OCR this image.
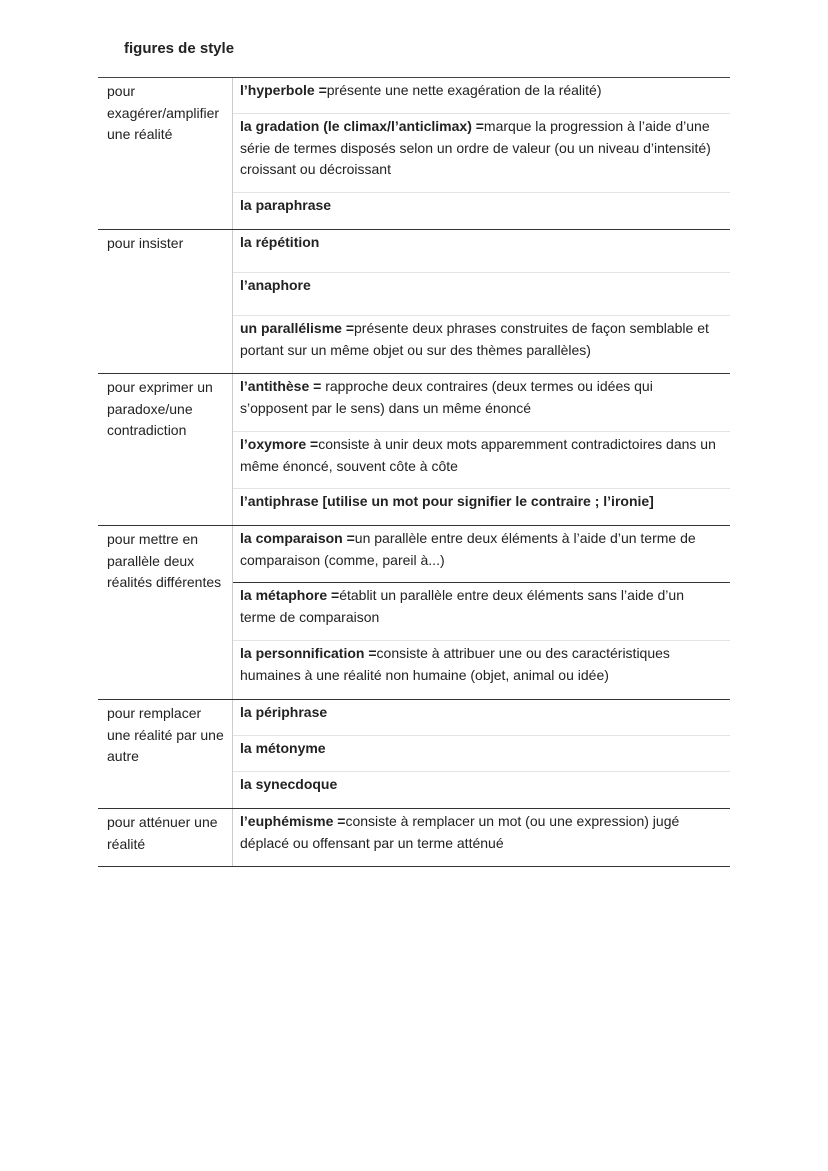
figures de style
pour exagérer/amplifier une réalité
l’hyperbole =présente une nette exagération de la réalité)
la gradation (le climax/l’anticlimax) =marque la progression à l’aide d’une série de termes disposés selon un ordre de valeur (ou un niveau d’intensité) croissant ou décroissant
la paraphrase
pour insister	la répétition
l’anaphore
un parallélisme =présente deux phrases construites de façon semblable et portant sur un même objet ou sur des thèmes parallèles)
pour exprimer un paradoxe/une contradiction
l’antithèse = rapproche deux contraires (deux termes ou idées qui s’opposent par le sens) dans un même énoncé
l’oxymore =consiste à unir deux mots apparemment contradictoires dans un même énoncé, souvent côte à côte
l’antiphrase [utilise un mot pour signifier le contraire ; l’ironie]
pour mettre en parallèle deux réalités différentes
la comparaison =un parallèle entre deux éléments à l’aide d’un terme de comparaison (comme, pareil à...)
la métaphore =établit un parallèle entre deux éléments sans l’aide d’un terme de comparaison
la personnification =consiste à attribuer une ou des caractéristiques humaines à une réalité non humaine (objet, animal ou idée)
pour remplacer une réalité par une autre
la périphrase
la métonyme
la synecdoque
pour atténuer une réalité
l’euphémisme =consiste à remplacer un mot (ou une expression) jugé déplacé ou offensant par un terme atténué
